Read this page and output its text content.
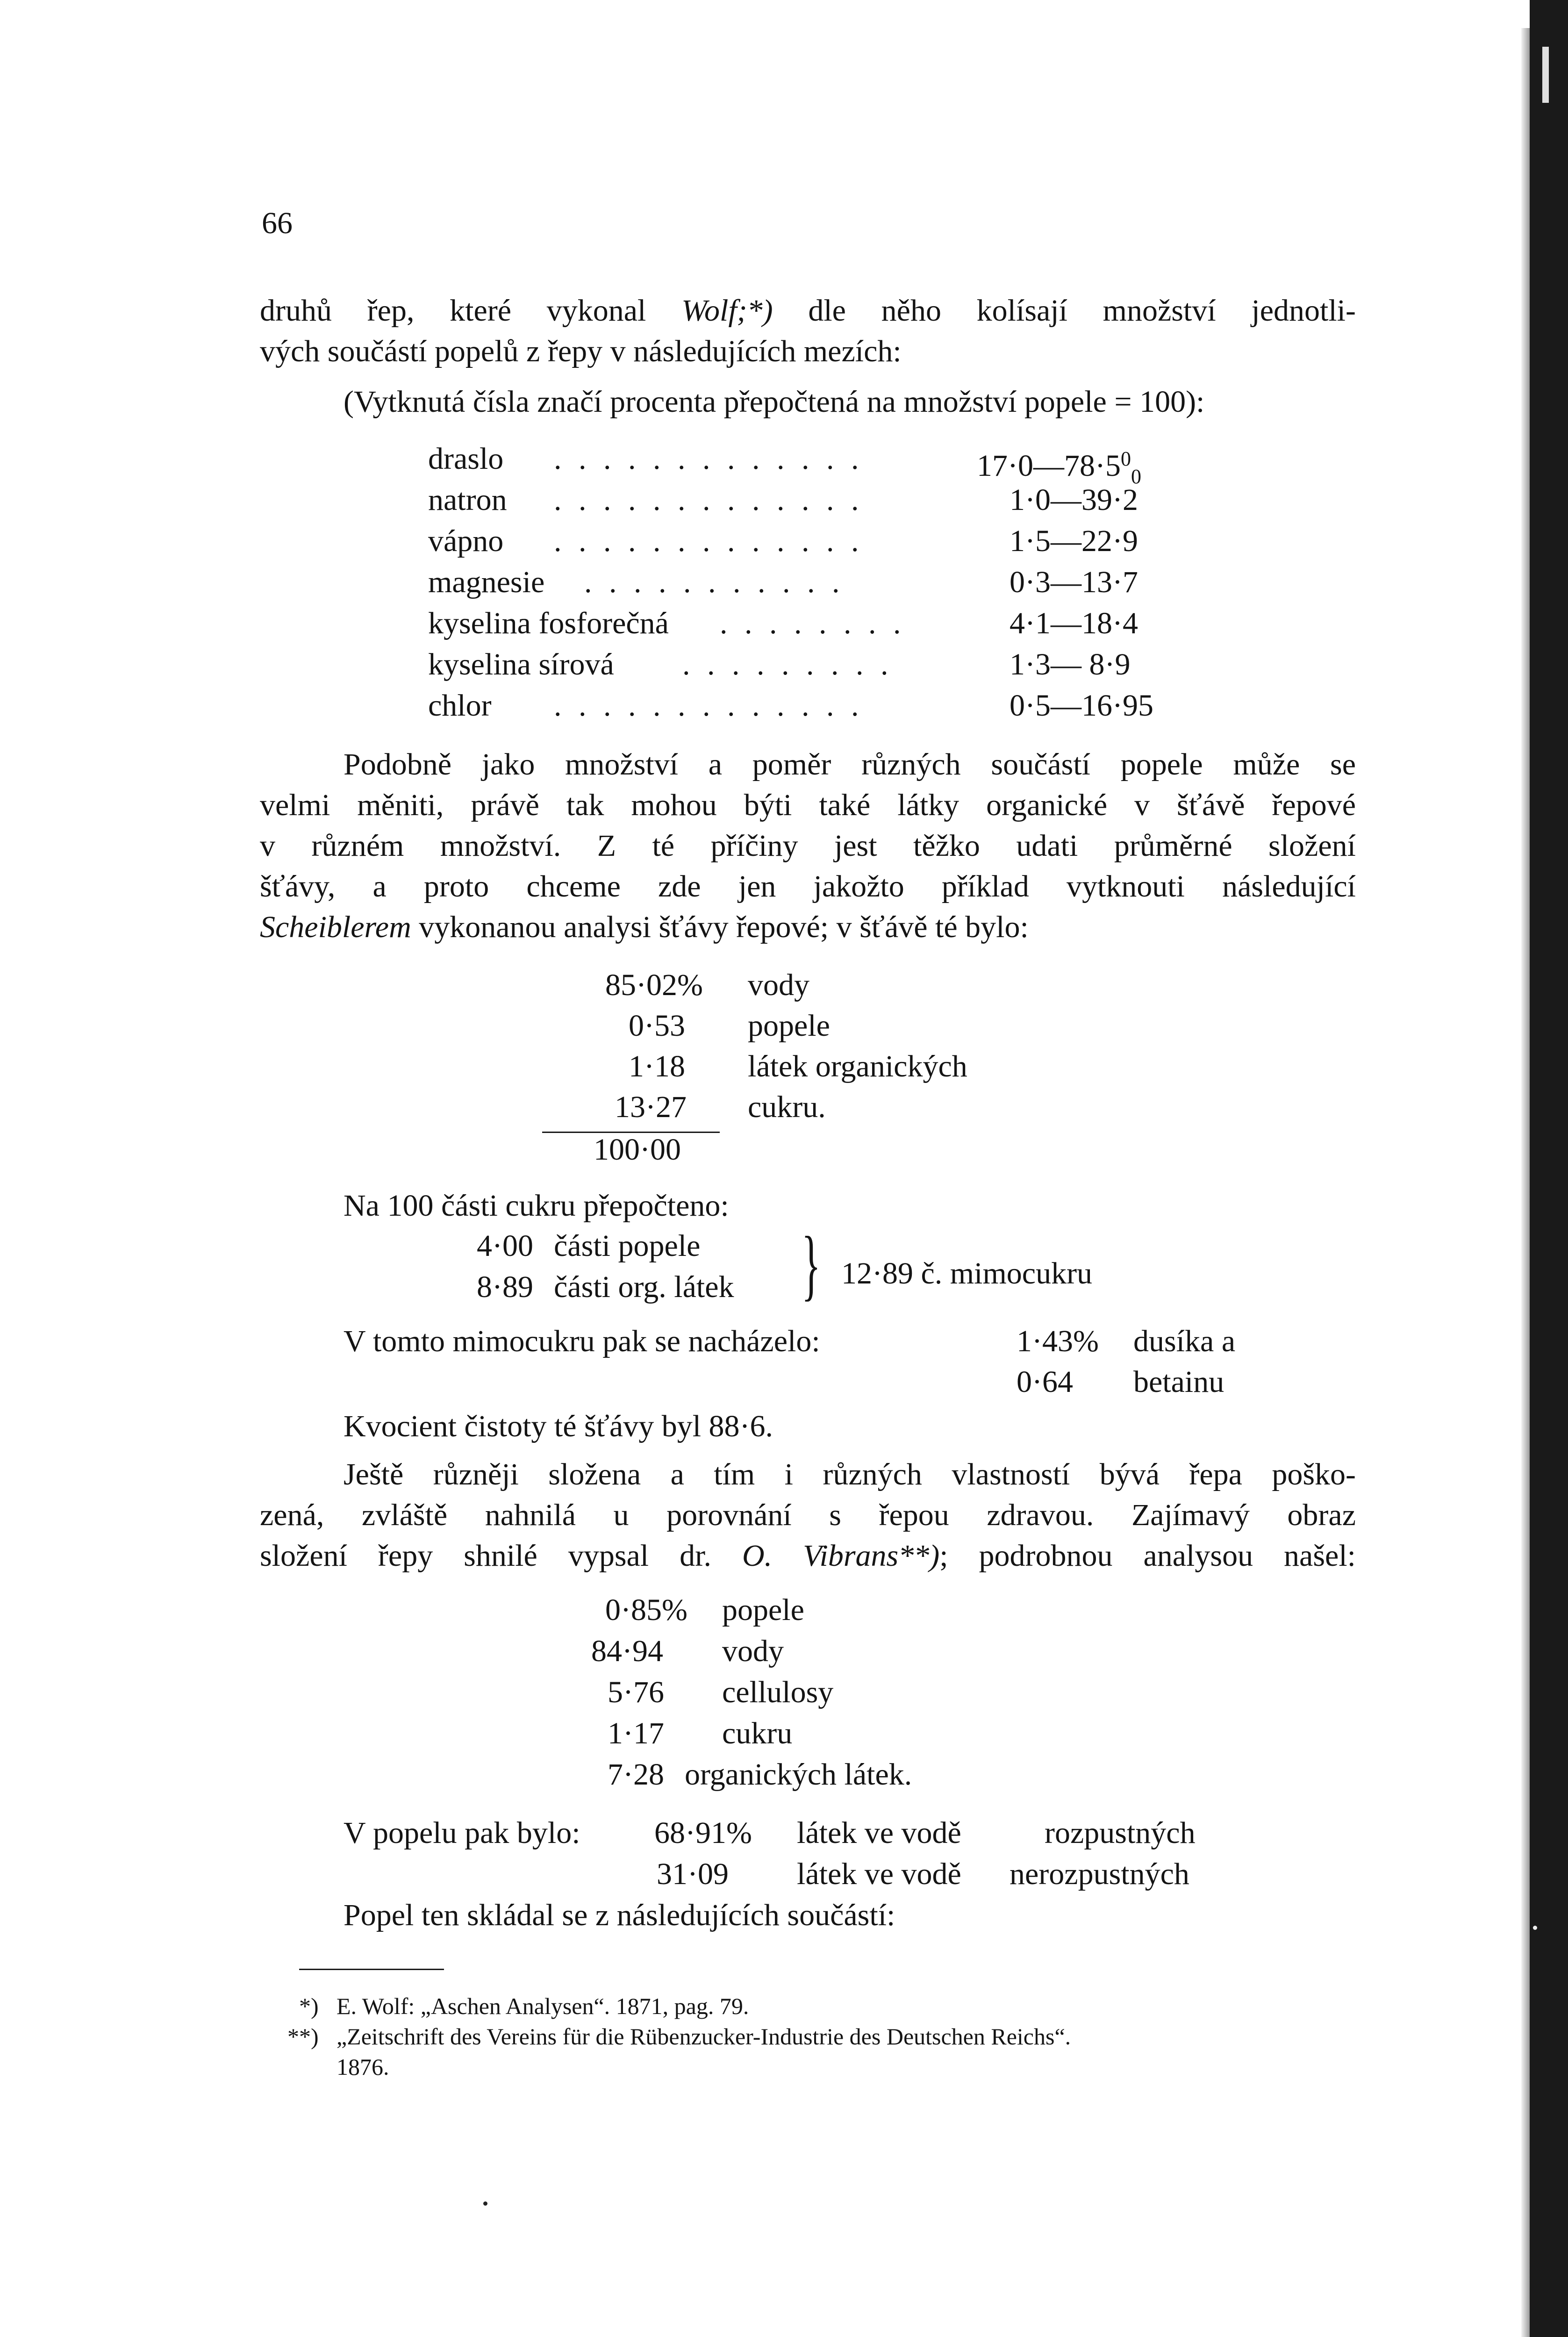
66
druhů řep, které vykonal Wolf;*) dle něho kolísají množství jednotli-
vých součástí popelů z řepy v následujících mezích:
(Vytknutá čísla značí procenta přepočtená na množství popele = 100):
draslo . . . . . . . . . . . . .	$17\cdot 0—78\cdot 5^0_0$
natron . . . . . . . . . . . . .	1·0—39·2
vápno . . . . . . . . . . . . .	1·5—22·9
magnesie . . . . . . . . . . .	0·3—13·7
kyselina fosforečná . . . . . . . .	4·1—18·4
kyselina sírová . . . . . . . . .	1·3— 8·9
chlor . . . . . . . . . . . . .	0·5—16·95
Podobně jako množství a poměr různých součástí popele může se
velmi měniti, právě tak mohou býti také látky organické v šťávě řepové
v různém množství. Z té příčiny jest těžko udati průměrné složení
šťávy, a proto chceme zde jen jakožto příklad vytknouti následující
Scheiblerem vykonanou analysi šťávy řepové; v šťávě té bylo:
85·02% vody
0·53 popele
1·18 látek organických
13·27 cukru.
100·00
Na 100 části cukru přepočteno:
4·00 části popele
8·89 části org. látek } 12·89 č. mimocukru
V tomto mimocukru pak se nacházelo:	1·43% dusíka a
0·64 betainu
Kvocient čistoty té šťávy byl 88·6.
Ještě různěji složena a tím i různých vlastností bývá řepa poško-
zená, zvláště nahnilá u porovnání s řepou zdravou. Zajímavý obraz
složení řepy shnilé vypsal dr. O. Vibrans**); podrobnou analysou našel:
0·85% popele
84·94 vody
5·76 cellulosy
1·17 cukru
7·28 organických látek.
V popelu pak bylo: 68·91% látek ve vodě	rozpustných
31·09 látek ve vodě nerozpustných
Popel ten skládal se z následujících součástí:
*) E. Wolf: „Aschen Analysen“. 1871, pag. 79.
**) „Zeitschrift des Vereins für die Rübenzucker-Industrie des Deutschen Reichs“.
1876.
